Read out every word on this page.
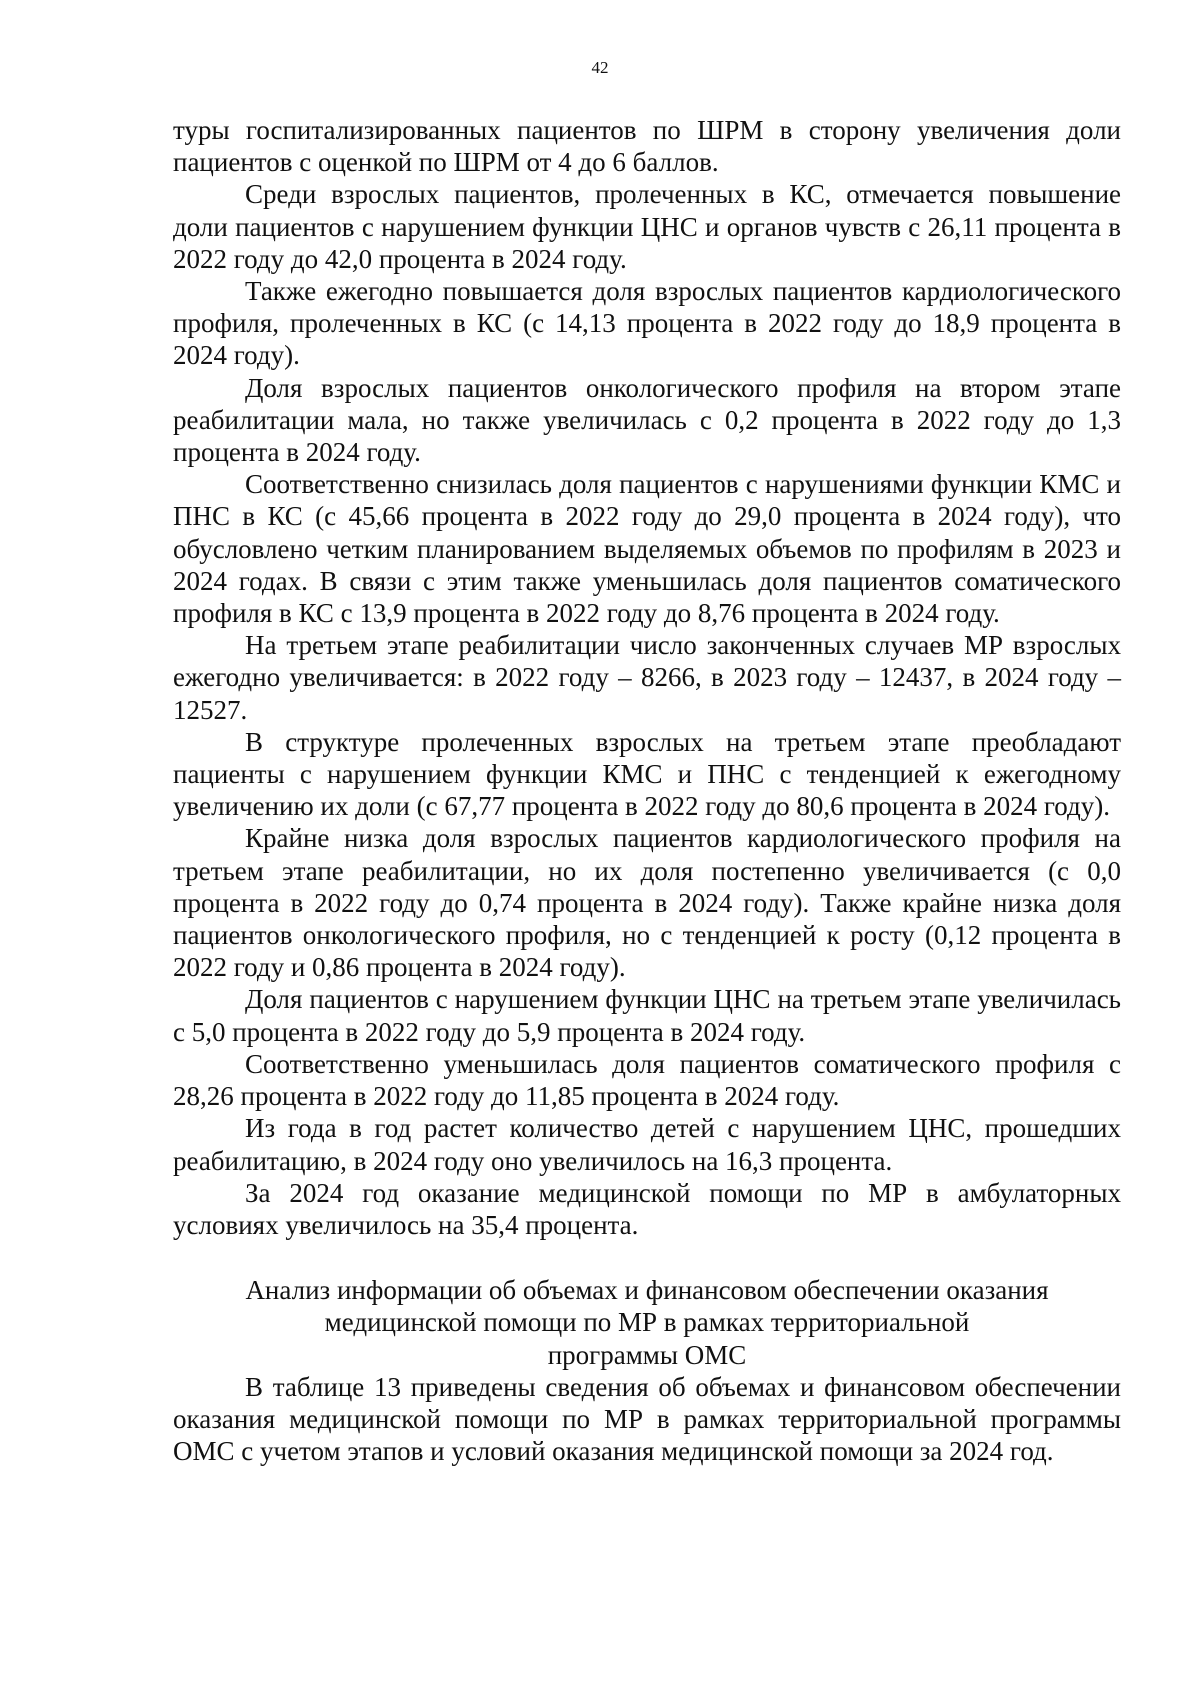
42

туры госпитализированных пациентов по ШРМ в сторону увеличения доли пациентов с оценкой по ШРМ от 4 до 6 баллов.

Среди взрослых пациентов, пролеченных в КС, отмечается повышение доли пациентов с нарушением функции ЦНС и органов чувств с 26,11 процента в 2022 году до 42,0 процента в 2024 году.

Также ежегодно повышается доля взрослых пациентов кардиологического профиля, пролеченных в КС (с 14,13 процента в 2022 году до 18,9 процента в 2024 году).

Доля взрослых пациентов онкологического профиля на втором этапе реабилитации мала, но также увеличилась с 0,2 процента в 2022 году до 1,3 процента в 2024 году.

Соответственно снизилась доля пациентов с нарушениями функции КМС и ПНС в КС (с 45,66 процента в 2022 году до 29,0 процента в 2024 году), что обусловлено четким планированием выделяемых объемов по профилям в 2023 и 2024 годах. В связи с этим также уменьшилась доля пациентов соматического профиля в КС с 13,9 процента в 2022 году до 8,76 процента в 2024 году.

На третьем этапе реабилитации число законченных случаев МР взрослых ежегодно увеличивается: в 2022 году – 8266, в 2023 году – 12437, в 2024 году – 12527.

В структуре пролеченных взрослых на третьем этапе преобладают пациенты с нарушением функции КМС и ПНС с тенденцией к ежегодному увеличению их доли (с 67,77 процента в 2022 году до 80,6 процента в 2024 году).

Крайне низка доля взрослых пациентов кардиологического профиля на третьем этапе реабилитации, но их доля постепенно увеличивается (с 0,0 процента в 2022 году до 0,74 процента в 2024 году). Также крайне низка доля пациентов онкологического профиля, но с тенденцией к росту (0,12 процента в 2022 году и 0,86 процента в 2024 году).

Доля пациентов с нарушением функции ЦНС на третьем этапе увеличилась с 5,0 процента в 2022 году до 5,9 процента в 2024 году.

Соответственно уменьшилась доля пациентов соматического профиля с 28,26 процента в 2022 году до 11,85 процента в 2024 году.

Из года в год растет количество детей с нарушением ЦНС, прошедших реабилитацию, в 2024 году оно увеличилось на 16,3 процента.

За 2024 год оказание медицинской помощи по МР в амбулаторных условиях увеличилось на 35,4 процента.

Анализ информации об объемах и финансовом обеспечении оказания
медицинской помощи по МР в рамках территориальной
программы ОМС

В таблице 13 приведены сведения об объемах и финансовом обеспечении оказания медицинской помощи по МР в рамках территориальной программы ОМС с учетом этапов и условий оказания медицинской помощи за 2024 год.
